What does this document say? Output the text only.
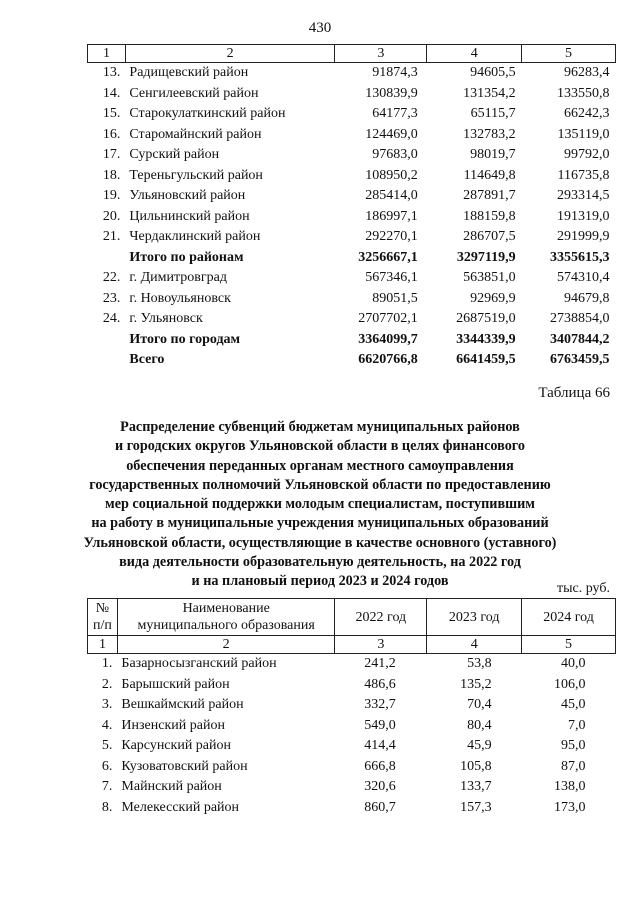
430
1	2	3	4	5
13.	Радищевский район	91874,3	94605,5	96283,4
14.	Сенгилеевский район	130839,9	131354,2	133550,8
15.	Старокулаткинский район	64177,3	65115,7	66242,3
16.	Старомайнский район	124469,0	132783,2	135119,0
17.	Сурский район	97683,0	98019,7	99792,0
18.	Тереньгульский район	108950,2	114649,8	116735,8
19.	Ульяновский район	285414,0	287891,7	293314,5
20.	Цильнинский район	186997,1	188159,8	191319,0
21.	Чердаклинский район	292270,1	286707,5	291999,9
	Итого по районам	3256667,1	3297119,9	3355615,3
22.	г. Димитровград	567346,1	563851,0	574310,4
23.	г. Новоульяновск	89051,5	92969,9	94679,8
24.	г. Ульяновск	2707702,1	2687519,0	2738854,0
	Итого по городам	3364099,7	3344339,9	3407844,2
	Всего	6620766,8	6641459,5	6763459,5
Таблица 66
Распределение субвенций бюджетам муниципальных районов
и городских округов Ульяновской области в целях финансового
обеспечения переданных органам местного самоуправления
государственных полномочий Ульяновской области по предоставлению
мер социальной поддержки молодым специалистам, поступившим
на работу в муниципальные учреждения муниципальных образований
Ульяновской области, осуществляющие в качестве основного (уставного)
вида деятельности образовательную деятельность, на 2022 год
и на плановый период 2023 и 2024 годов	тыс. руб.
№
п/п	Наименование
муниципального образования	2022 год	2023 год	2024 год
1	2	3	4	5
1.	Базарносызганский район	241,2	53,8	40,0
2.	Барышский район	486,6	135,2	106,0
3.	Вешкаймский район	332,7	70,4	45,0
4.	Инзенский район	549,0	80,4	7,0
5.	Карсунский район	414,4	45,9	95,0
6.	Кузоватовский район	666,8	105,8	87,0
7.	Майнский район	320,6	133,7	138,0
8.	Мелекесский район	860,7	157,3	173,0
